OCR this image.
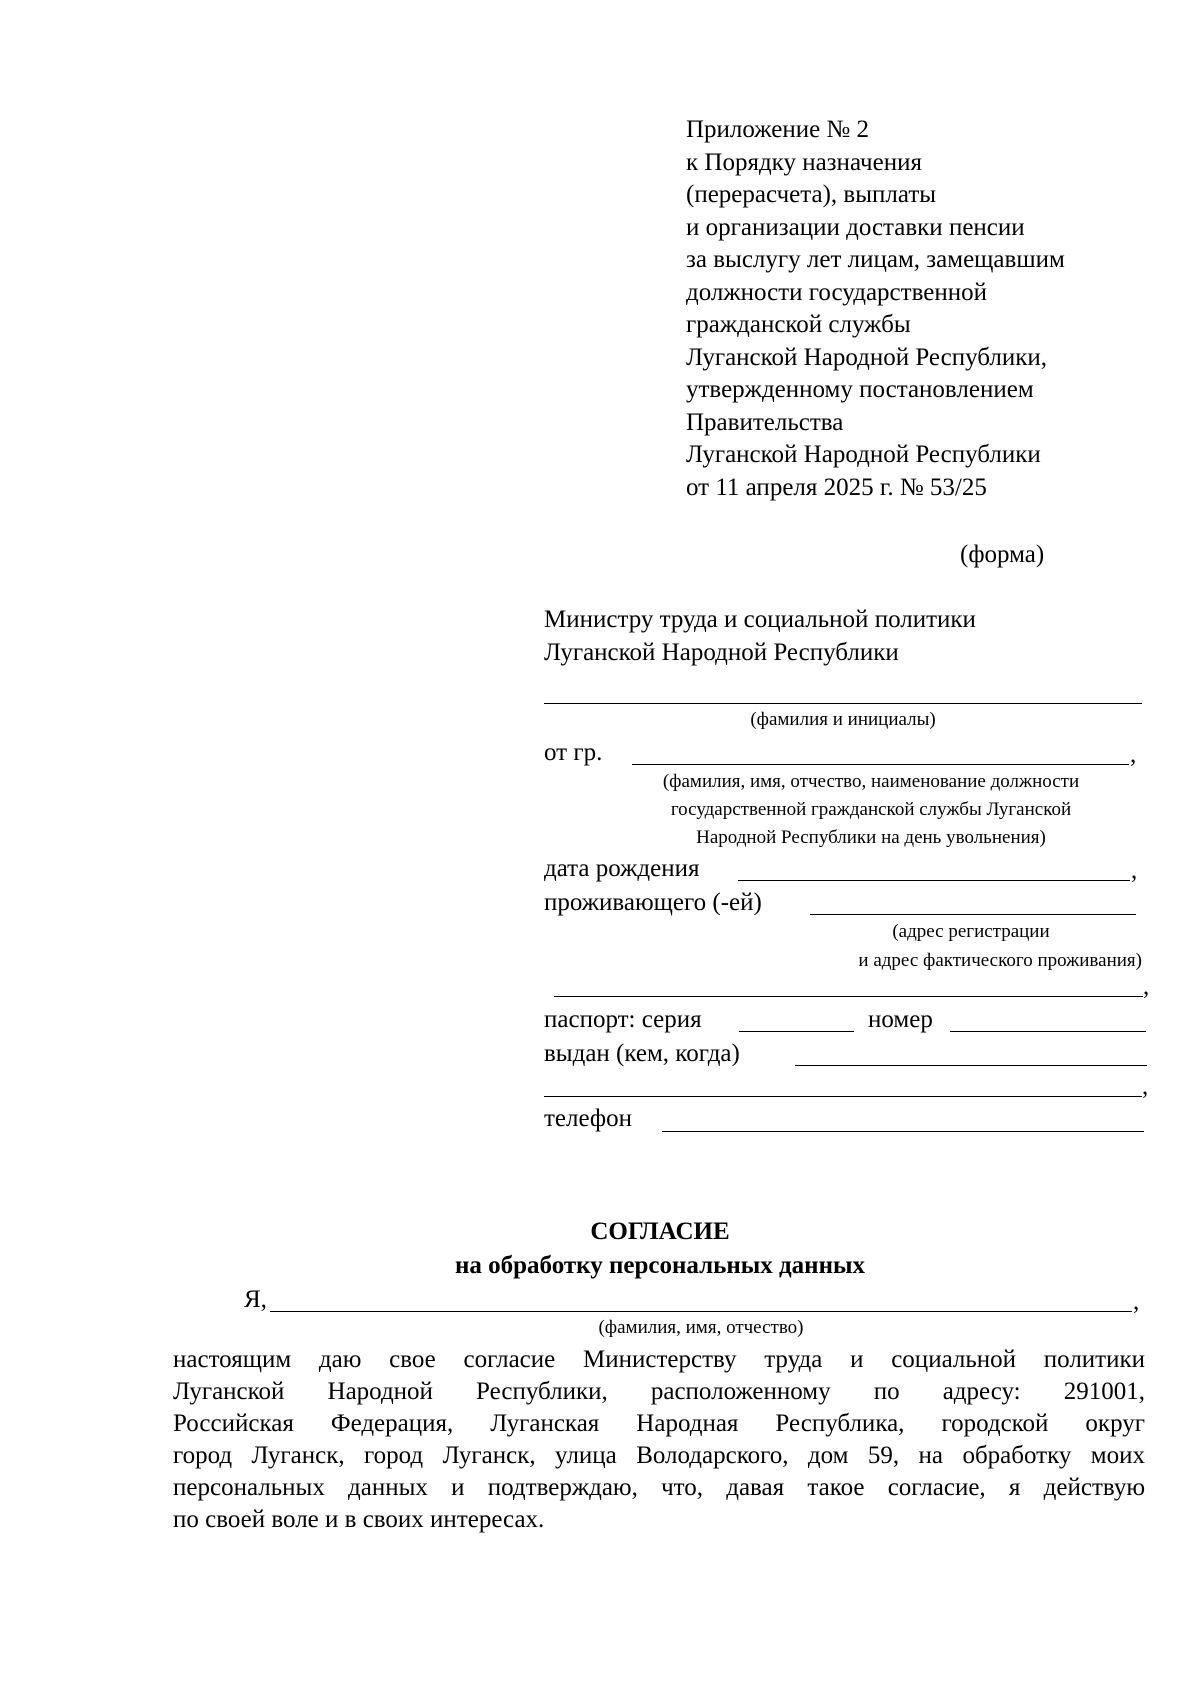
Приложение № 2
к Порядку назначения
(перерасчета), выплаты
и организации доставки пенсии
за выслугу лет лицам, замещавшим
должности государственной
гражданской службы
Луганской Народной Республики,
утвержденному постановлением
Правительства
Луганской Народной Республики
от 11 апреля 2025 г. № 53/25
(форма)
Министру труда и социальной политики
Луганской Народной Республики
(фамилия и инициалы)
от гр.	,
(фамилия, имя, отчество, наименование должности
государственной гражданской службы Луганской
Народной Республики на день увольнения)
дата рождения	,
проживающего (-ей)
(адрес регистрации
и адрес фактического проживания)
,
паспорт: серия	номер
выдан (кем, когда)
,
телефон
СОГЛАСИЕ
на обработку персональных данных
Я,	,
(фамилия, имя, отчество)
настоящим даю свое согласие Министерству труда и социальной политики
Луганской Народной Республики, расположенному по адресу: 291001,
Российская Федерация, Луганская Народная Республика, городской округ
город Луганск, город Луганск, улица Володарского, дом 59, на обработку моих
персональных данных и подтверждаю, что, давая такое согласие, я действую
по своей воле и в своих интересах.
